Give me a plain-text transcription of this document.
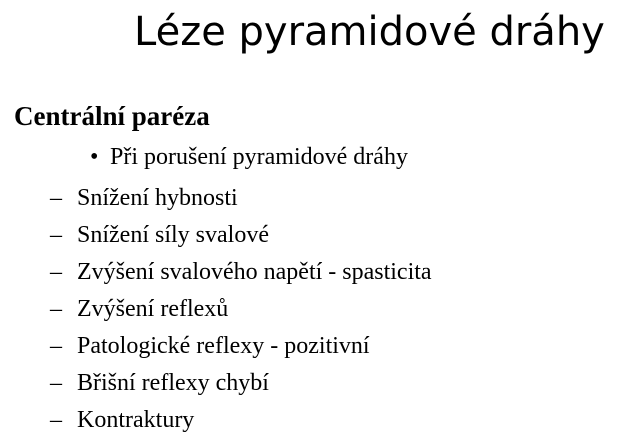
Léze pyramidové dráhy
Centrální paréza
• Při porušení pyramidové dráhy
– Snížení hybnosti
– Snížení síly svalové
– Zvýšení svalového napětí - spasticita
– Zvýšení reflexů
– Patologické reflexy - pozitivní
– Břišní reflexy chybí
– Kontraktury
